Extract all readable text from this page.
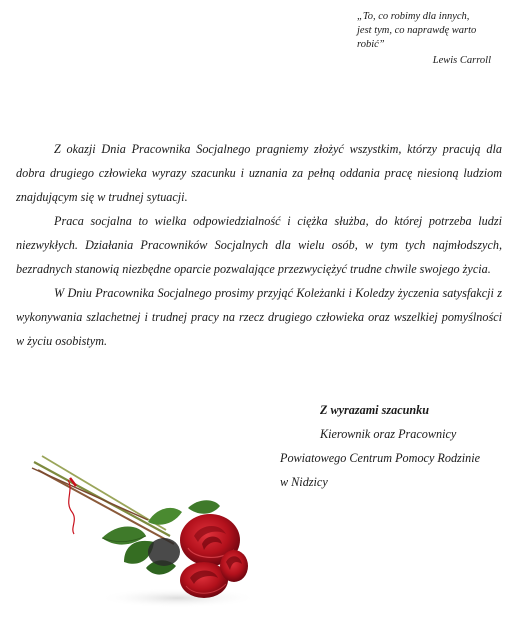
„To, co robimy dla innych,
jest tym, co naprawdę warto
robić”
Lewis Carroll

Z okazji Dnia Pracownika Socjalnego pragniemy złożyć wszystkim, którzy pracują dla dobra drugiego człowieka wyrazy szacunku i uznania za pełną oddania pracę niesioną ludziom znajdującym się w trudnej sytuacji.

Praca socjalna to wielka odpowiedzialność i ciężka służba, do której potrzeba ludzi niezwykłych. Działania Pracowników Socjalnych dla wielu osób, w tym tych najmłodszych, bezradnych stanowią niezbędne oparcie pozwalające przezwyciężyć trudne chwile swojego życia.

W Dniu Pracownika Socjalnego prosimy przyjąć Koleżanki i Koledzy życzenia satysfakcji z wykonywania szlachetnej i trudnej pracy na rzecz drugiego człowieka oraz wszelkiej pomyślności w życiu osobistym.

Z wyrazami szacunku
Kierownik oraz Pracownicy
Powiatowego Centrum Pomocy Rodzinie
w Nidzicy
